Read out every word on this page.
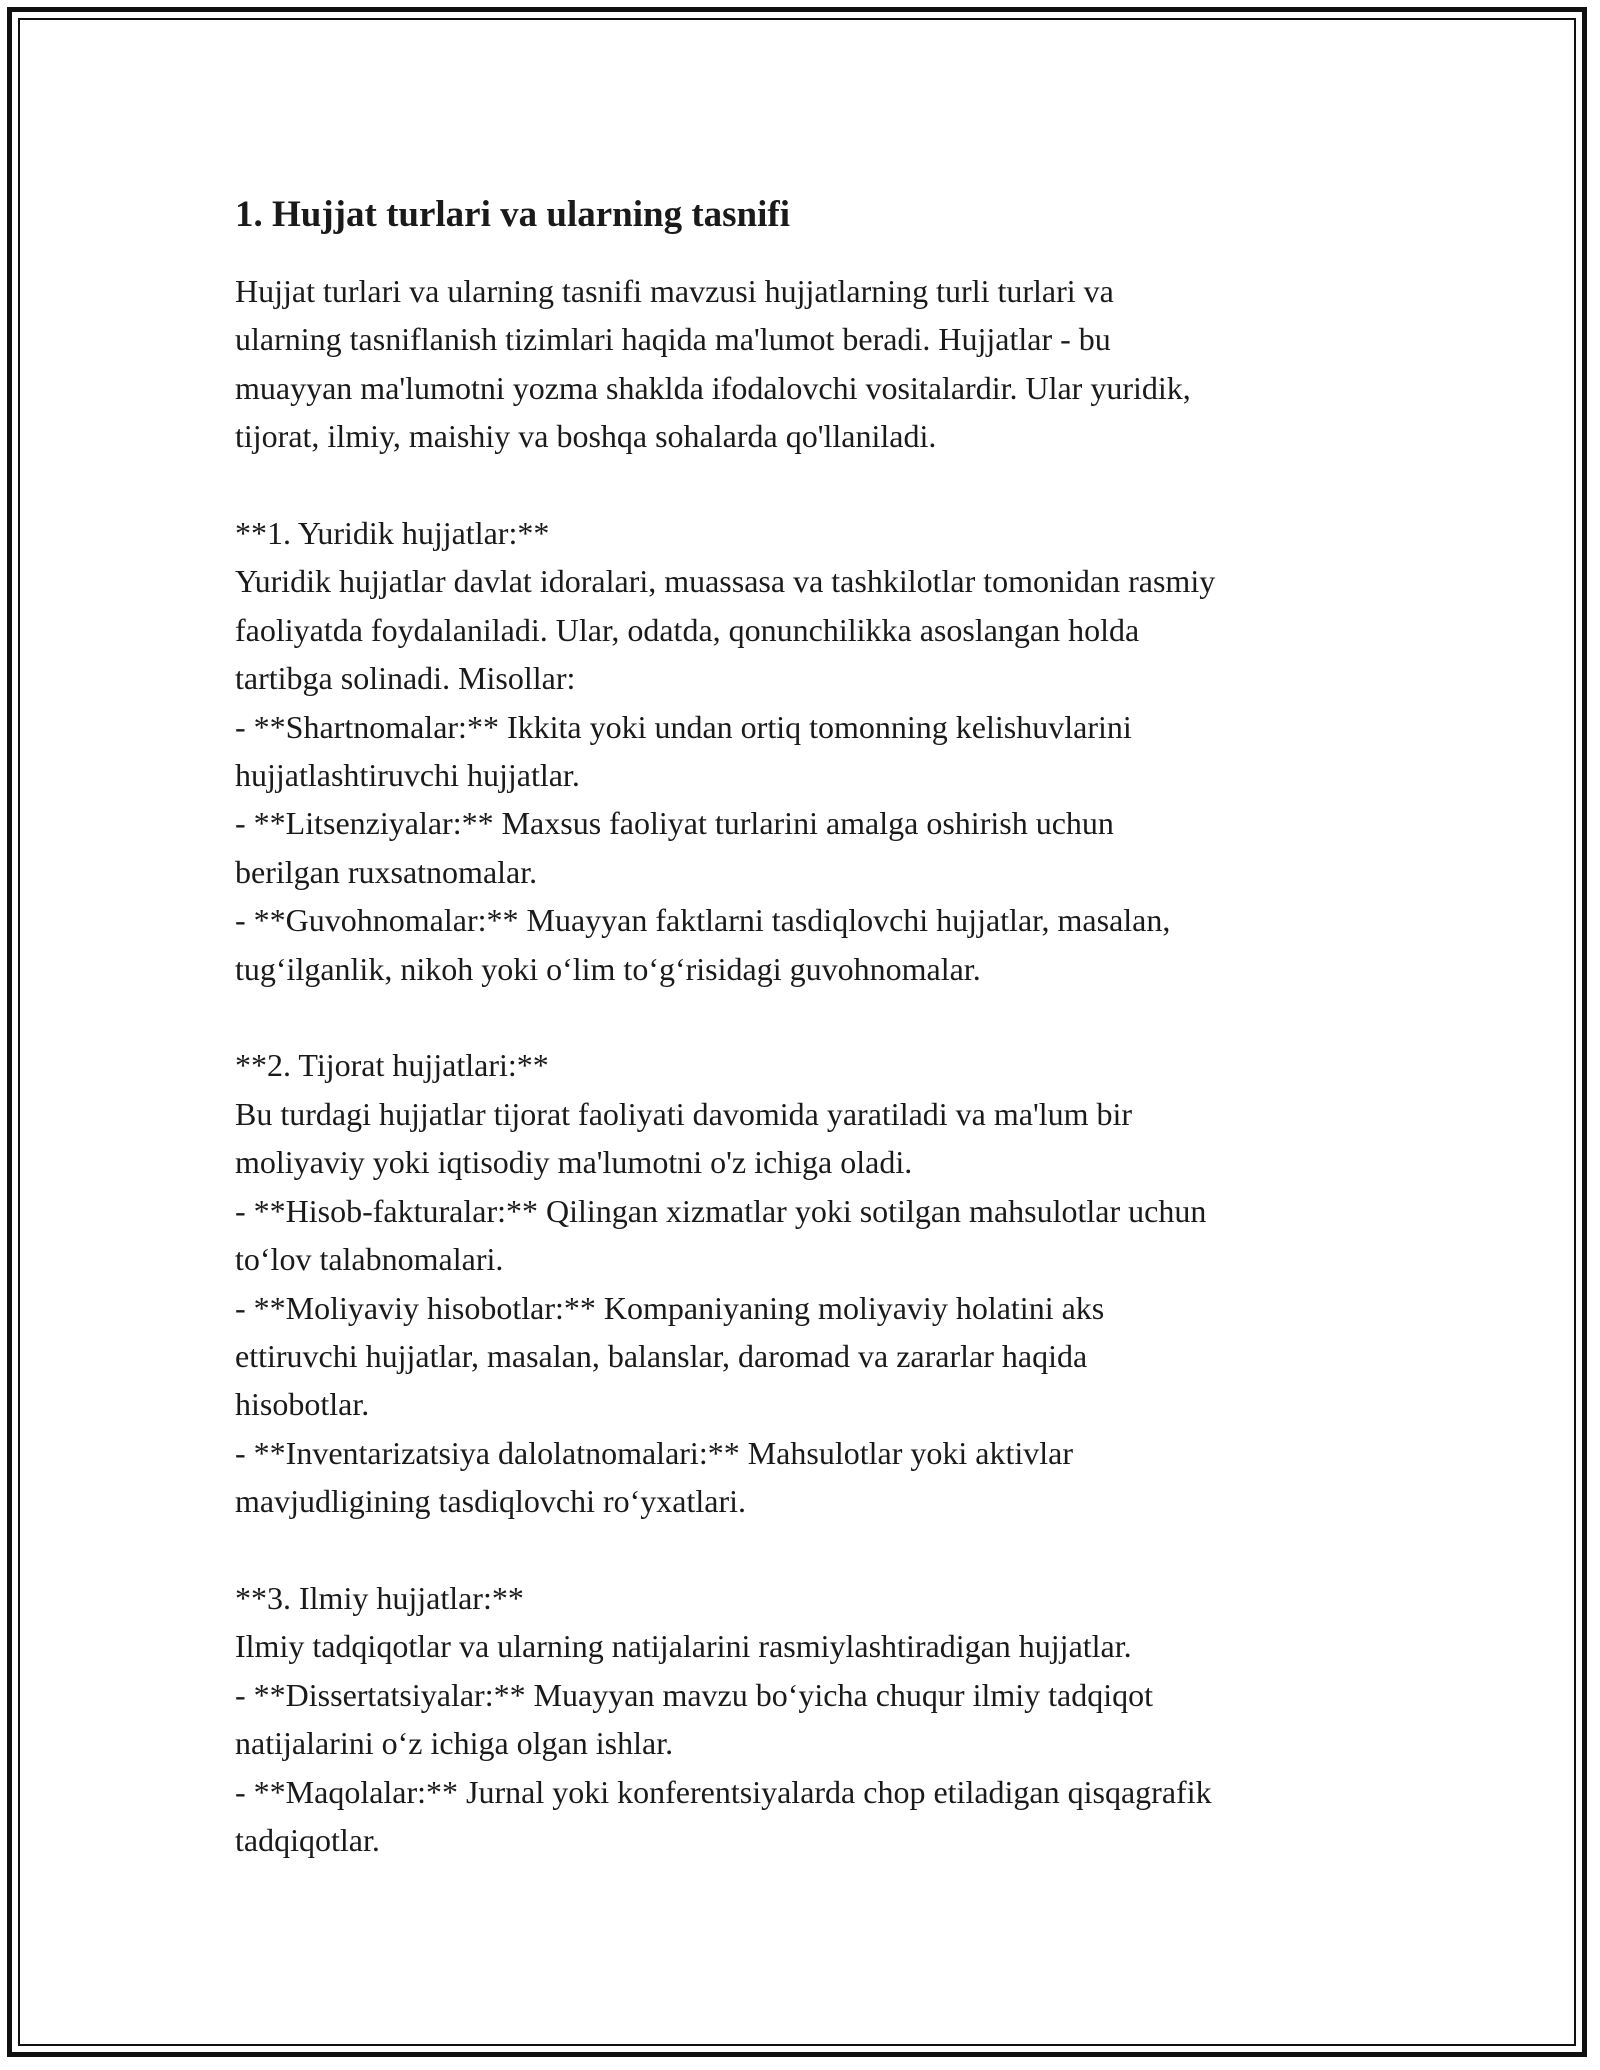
1. Hujjat turlari va ularning tasnifi
Hujjat turlari va ularning tasnifi mavzusi hujjatlarning turli turlari va
ularning tasniflanish tizimlari haqida ma'lumot beradi. Hujjatlar - bu
muayyan ma'lumotni yozma shaklda ifodalovchi vositalardir. Ular yuridik,
tijorat, ilmiy, maishiy va boshqa sohalarda qo'llaniladi.
**1. Yuridik hujjatlar:**
Yuridik hujjatlar davlat idoralari, muassasa va tashkilotlar tomonidan rasmiy
faoliyatda foydalaniladi. Ular, odatda, qonunchilikka asoslangan holda
tartibga solinadi. Misollar:
- **Shartnomalar:** Ikkita yoki undan ortiq tomonning kelishuvlarini
hujjatlashtiruvchi hujjatlar.
- **Litsenziyalar:** Maxsus faoliyat turlarini amalga oshirish uchun
berilgan ruxsatnomalar.
- **Guvohnomalar:** Muayyan faktlarni tasdiqlovchi hujjatlar, masalan,
tug‘ilganlik, nikoh yoki o‘lim to‘g‘risidagi guvohnomalar.
**2. Tijorat hujjatlari:**
Bu turdagi hujjatlar tijorat faoliyati davomida yaratiladi va ma'lum bir
moliyaviy yoki iqtisodiy ma'lumotni o'z ichiga oladi.
- **Hisob-fakturalar:** Qilingan xizmatlar yoki sotilgan mahsulotlar uchun
to‘lov talabnomalari.
- **Moliyaviy hisobotlar:** Kompaniyaning moliyaviy holatini aks
ettiruvchi hujjatlar, masalan, balanslar, daromad va zararlar haqida
hisobotlar.
- **Inventarizatsiya dalolatnomalari:** Mahsulotlar yoki aktivlar
mavjudligining tasdiqlovchi ro‘yxatlari.
**3. Ilmiy hujjatlar:**
Ilmiy tadqiqotlar va ularning natijalarini rasmiylashtiradigan hujjatlar.
- **Dissertatsiyalar:** Muayyan mavzu bo‘yicha chuqur ilmiy tadqiqot
natijalarini o‘z ichiga olgan ishlar.
- **Maqolalar:** Jurnal yoki konferentsiyalarda chop etiladigan qisqagrafik
tadqiqotlar.
